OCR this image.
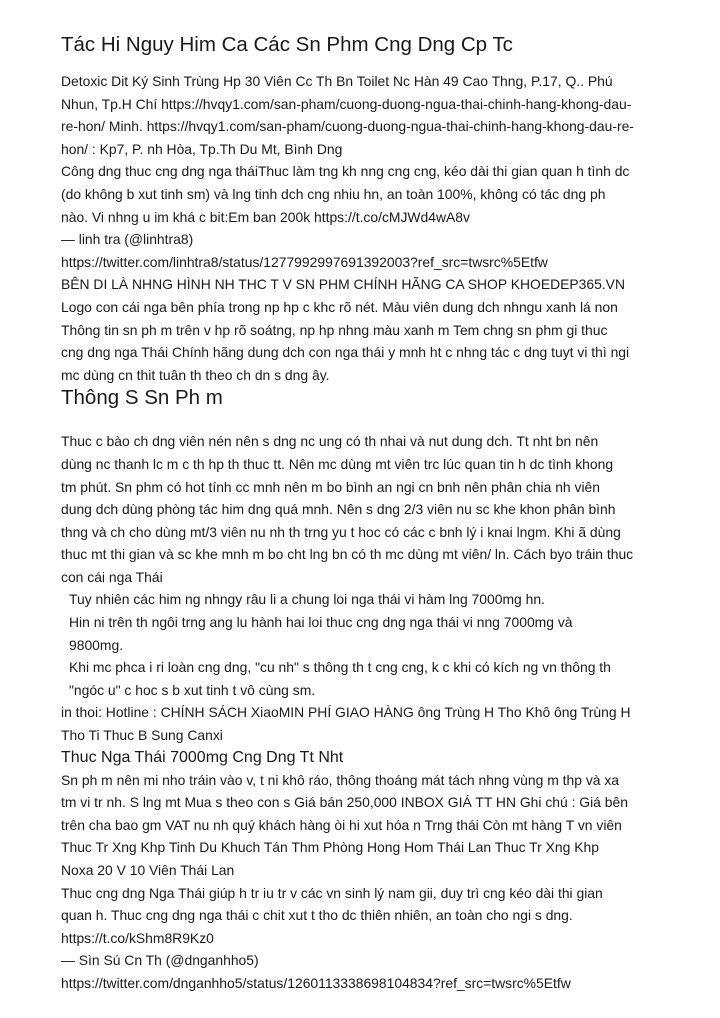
Tác Hi Nguy Him Ca Các Sn Phm Cng Dng Cp Tc
Detoxic Dit Ký Sinh Trùng Hp 30 Viên Cc Th Bn Toilet Nc Hàn 49 Cao Thng, P.17, Q.. Phú
Nhun, Tp.H Chí https://hvqy1.com/san-pham/cuong-duong-ngua-thai-chinh-hang-khong-dau-
re-hon/ Minh. https://hvqy1.com/san-pham/cuong-duong-ngua-thai-chinh-hang-khong-dau-re-
hon/ : Kp7, P. nh Hòa, Tp.Th Du Mt, Bình Dng
Công dng thuc cng dng nga tháiThuc làm tng kh nng cng cng, kéo dài thi gian quan h tình dc
(do không b xut tinh sm) và lng tinh dch cng nhiu hn, an toàn 100%, không có tác dng ph
nào. Vi nhng u im khá c bit:Em ban 200k https://t.co/cMJWd4wA8v
— linh tra (@linhtra8)
https://twitter.com/linhtra8/status/1277992997691392003?ref_src=twsrc%5Etfw
BÊN DI LÀ NHNG HÌNH NH THC T V SN PHM CHÍNH HÃNG CA SHOP KHOEDEP365.VN
Logo con cái nga bên phía trong np hp c khc rõ nét. Màu viên dung dch nhngu xanh lá non
Thông tin sn ph m trên v hp rõ soátng, np hp nhng màu xanh m Tem chng sn phm gi thuc
cng dng nga Thái Chính hãng dung dch con nga thái y mnh ht c nhng tác c dng tuyt vi thì ngi
mc dùng cn thit tuân th theo ch dn s dng ây.
Thông S Sn Ph m
Thuc c bào ch dng viên nén nên s dng nc ung có th nhai và nut dung dch. Tt nht bn nên
dùng nc thanh lc m c th hp th thuc tt. Nên mc dùng mt viên trc lúc quan tin h dc tình khong
tm phút. Sn phm có hot tính cc mnh nên m bo bình an ngi cn bnh nên phân chia nh viên
dung dch dùng phòng tác him dng quá mnh. Nên s dng 2/3 viên nu sc khe khon phân bình
thng và ch cho dùng mt/3 viên nu nh th trng yu t hoc có các c bnh lý i knai lngm. Khi ã dùng
thuc mt thi gian và sc khe mnh m bo cht lng bn có th mc dùng mt viên/ ln. Cách byo tráin thuc
con cái nga Thái
Tuy nhiên các him ng nhngy râu li a chung loi nga thái vi hàm lng 7000mg hn.
Hin ni trên th ngôi trng ang lu hành hai loi thuc cng dng nga thái vi nng 7000mg và
9800mg.
Khi mc phca i ri loàn cng dng, "cu nh" s thông th t cng cng, k c khi có kích ng vn thông th
"ngóc u" c hoc s b xut tinh t vô cùng sm.
in thoi: Hotline : CHÍNH SÁCH XiaoMIN PHÍ GIAO HÀNG ông Trùng H Tho Khô ông Trùng H
Tho Ti Thuc B Sung Canxi
Thuc Nga Thái 7000mg Cng Dng Tt Nht
Sn ph m nên mi nho tráin vào v, t ni khô ráo, thông thoáng mát tách nhng vùng m thp và xa
tm vi tr nh. S lng mt Mua s theo con s Giá bán 250,000 INBOX GIÁ TT HN Ghi chú : Giá bên
trên cha bao gm VAT nu nh quý khách hàng òi hi xut hóa n Trng thái Còn mt hàng T vn viên
Thuc Tr Xng Khp Tinh Du Khuch Tán Thm Phòng Hong Hom Thái Lan Thuc Tr Xng Khp
Noxa 20 V 10 Viên Thái Lan
Thuc cng dng Nga Thái giúp h tr iu tr v các vn sinh lý nam gii, duy trì cng kéo dài thi gian
quan h. Thuc cng dng nga thái c chit xut t tho dc thiên nhiên, an toàn cho ngi s dng.
https://t.co/kShm8R9Kz0
— Sìn Sú Cn Th (@dnganhho5)
https://twitter.com/dnganhho5/status/1260113338698104834?ref_src=twsrc%5Etfw
